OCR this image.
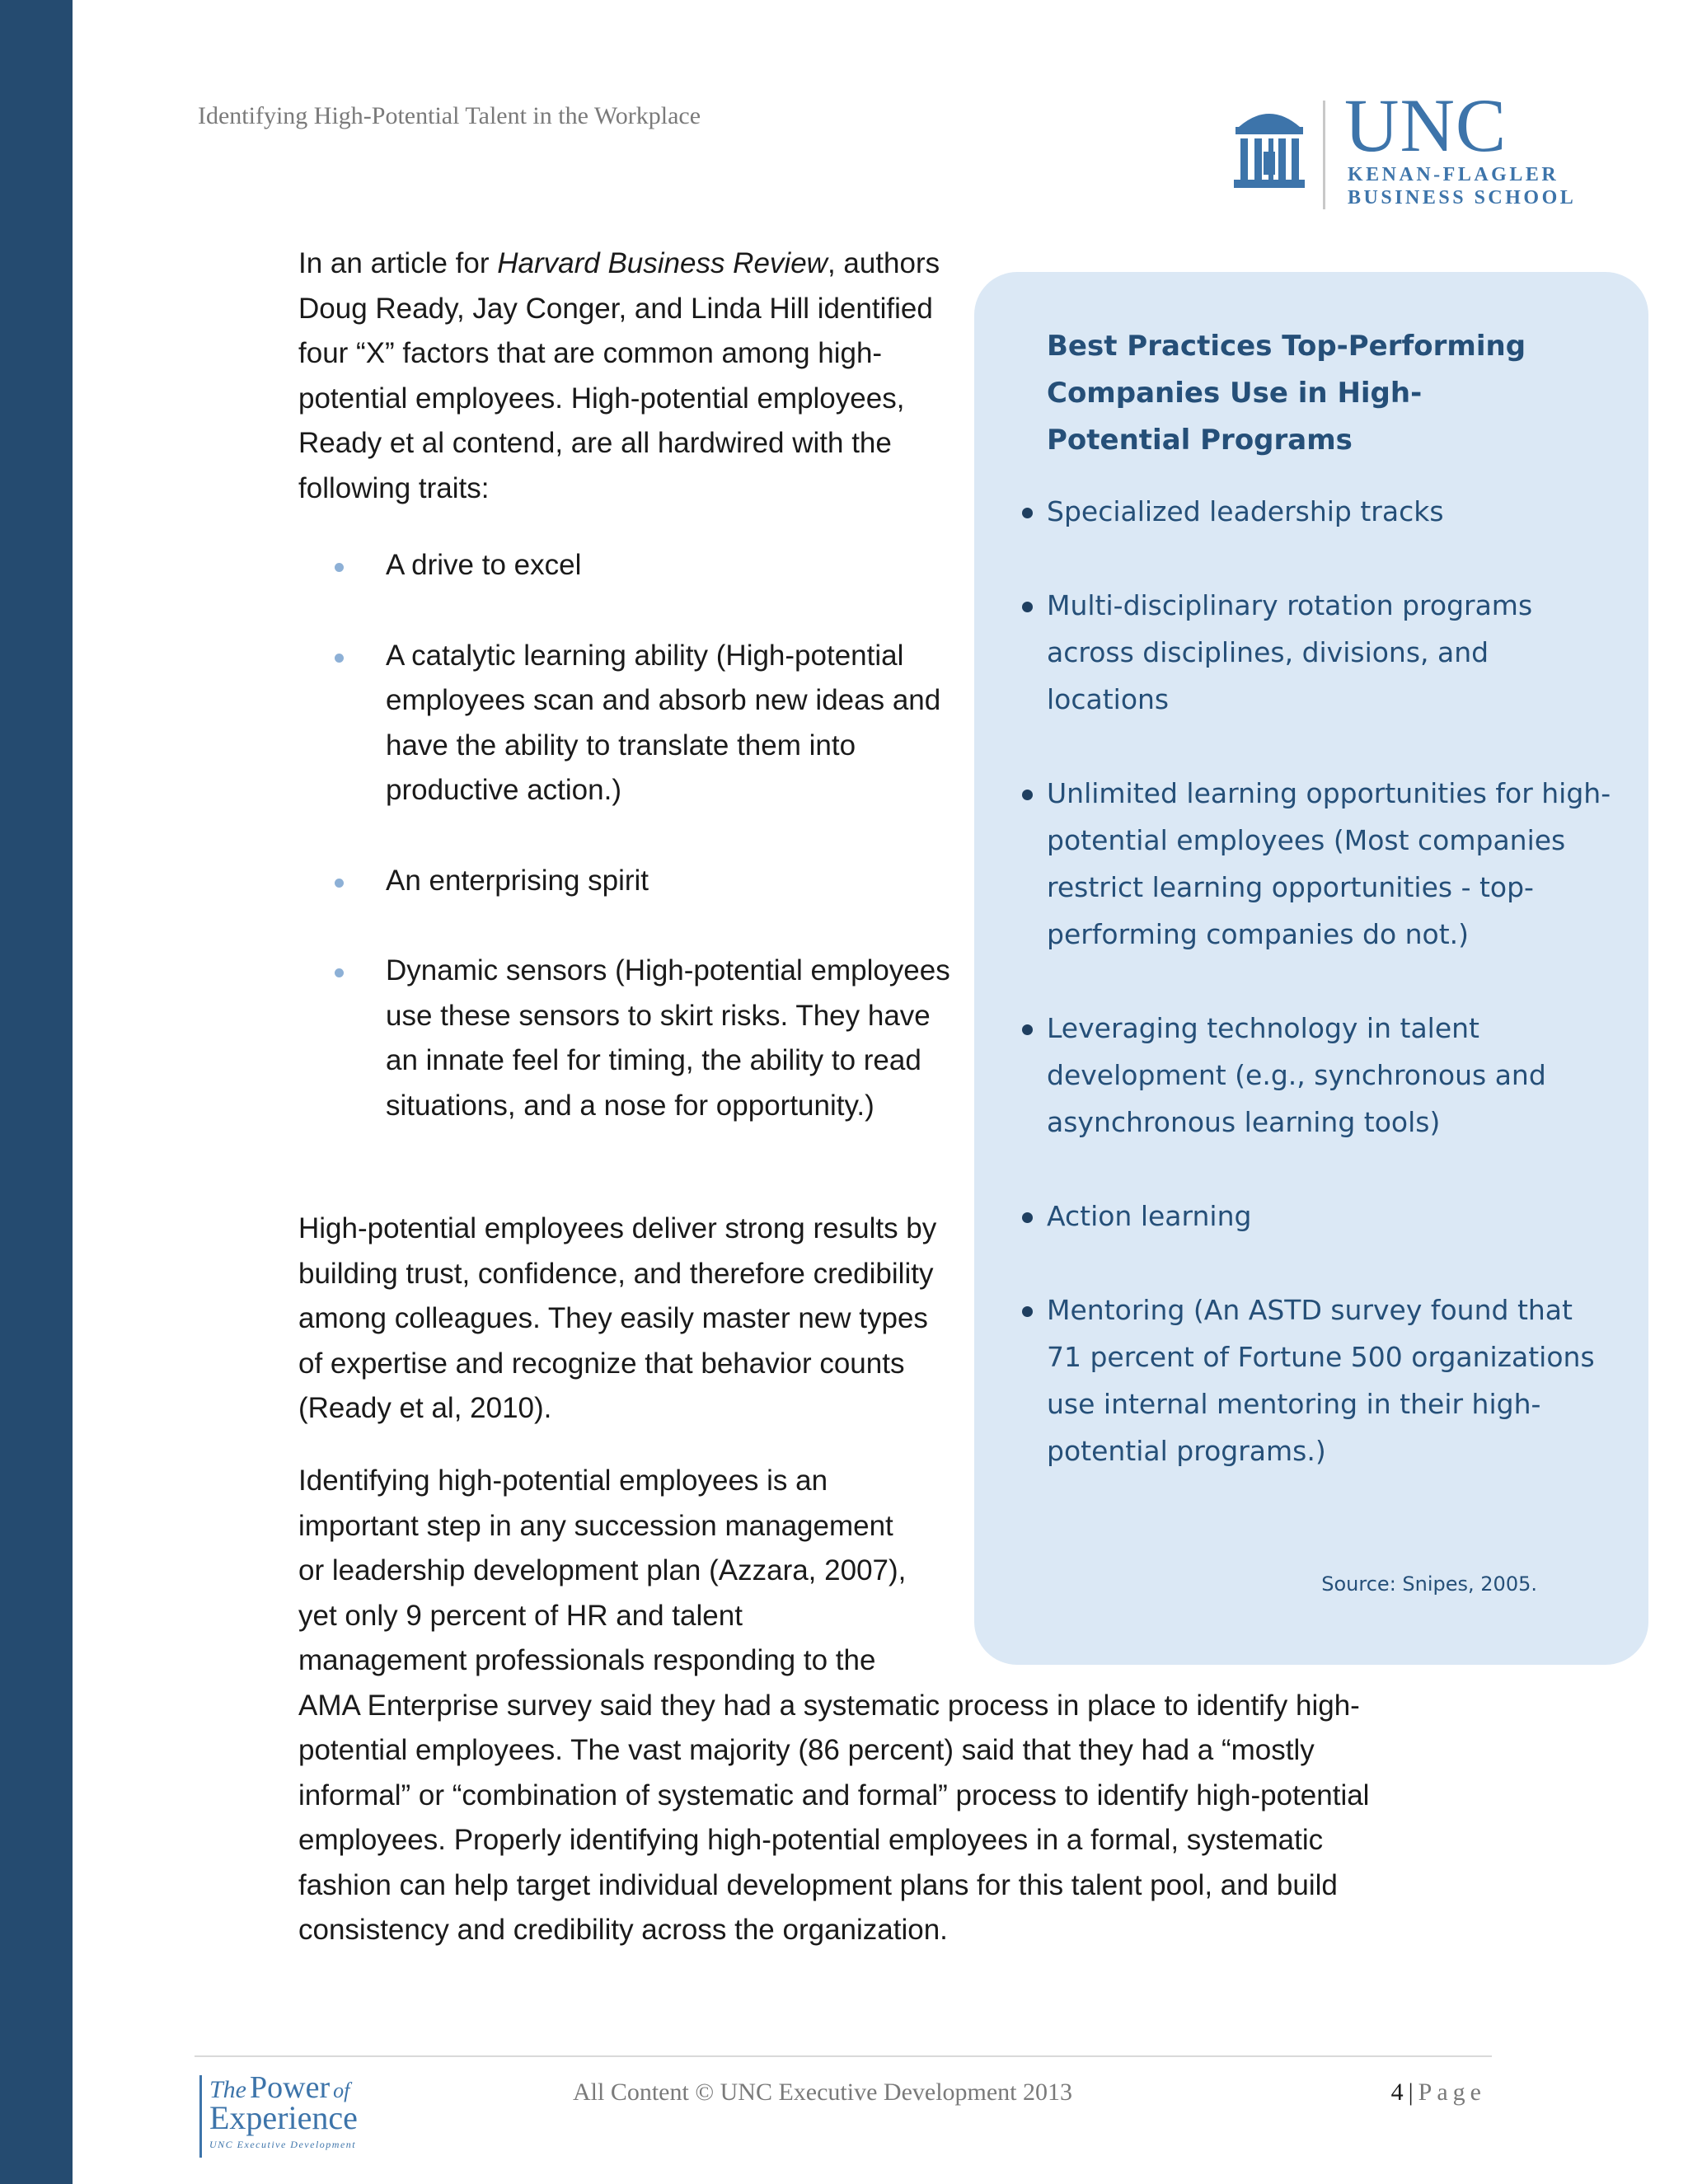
Identifying High-Potential Talent in the Workplace	UNC
KENAN-FLAGLER
BUSINESS SCHOOL

In an article for Harvard Business Review, authors Doug Ready, Jay Conger, and Linda Hill identified four “X” factors that are common among high-potential employees. High-potential employees, Ready et al contend, are all hardwired with the following traits:

A drive to excel
A catalytic learning ability (High-potential employees scan and absorb new ideas and have the ability to translate them into productive action.)
An enterprising spirit
Dynamic sensors (High-potential employees use these sensors to skirt risks. They have an innate feel for timing, the ability to read situations, and a nose for opportunity.)

High-potential employees deliver strong results by building trust, confidence, and therefore credibility among colleagues. They easily master new types of expertise and recognize that behavior counts (Ready et al, 2010).

Identifying high-potential employees is an
important step in any succession management
or leadership development plan (Azzara, 2007),
yet only 9 percent of HR and talent
management professionals responding to the
AMA Enterprise survey said they had a systematic process in place to identify high-
potential employees. The vast majority (86 percent) said that they had a “mostly
informal” or “combination of systematic and formal” process to identify high-potential
employees. Properly identifying high-potential employees in a formal, systematic
fashion can help target individual development plans for this talent pool, and build
consistency and credibility across the organization.

Best Practices Top-Performing Companies Use in High-Potential Programs

Specialized leadership tracks
Multi-disciplinary rotation programs across disciplines, divisions, and locations
Unlimited learning opportunities for high-potential employees (Most companies restrict learning opportunities - top-performing companies do not.)
Leveraging technology in talent development (e.g., synchronous and asynchronous learning tools)
Action learning
Mentoring (An ASTD survey found that 71 percent of Fortune 500 organizations use internal mentoring in their high-potential programs.)
Source: Snipes, 2005.
The Power of
Experience
UNC Executive Development
All Content © UNC Executive Development 2013	4 | Page
